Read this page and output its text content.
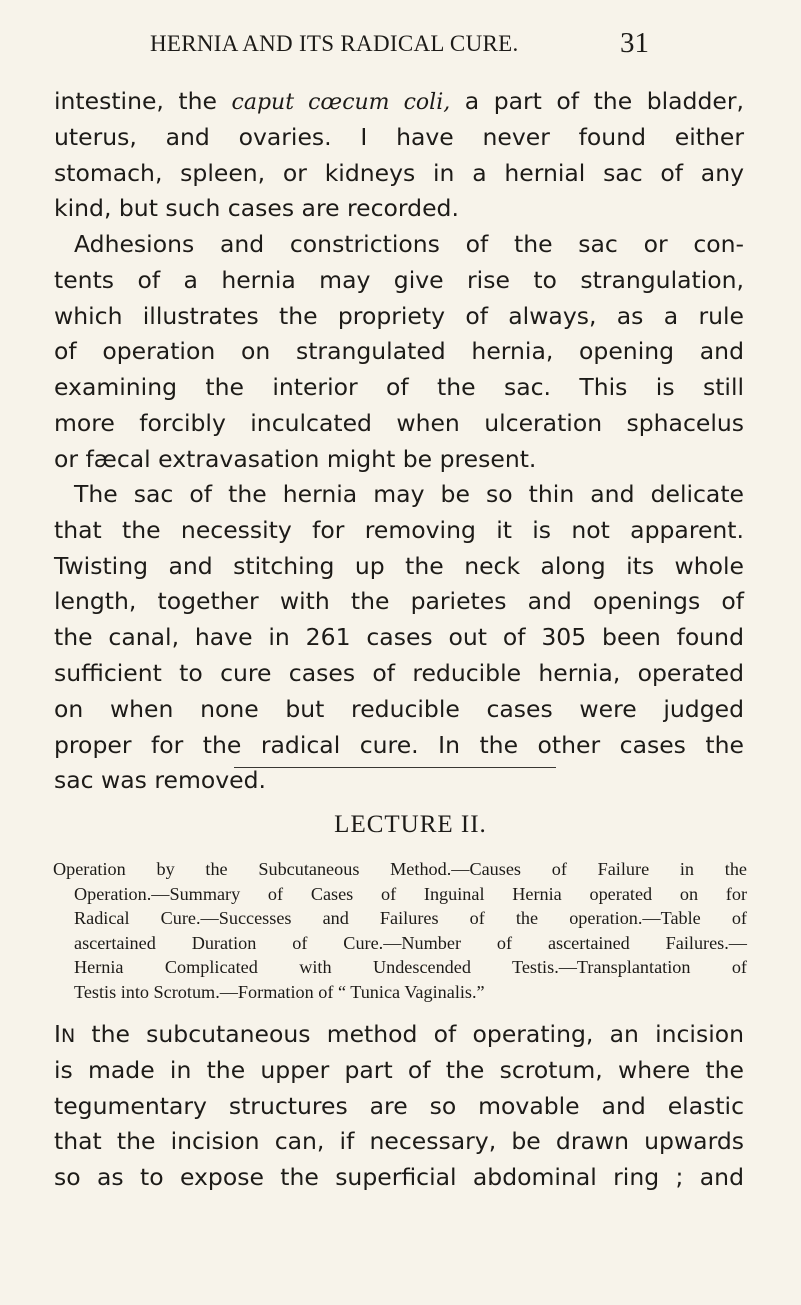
HERNIA AND ITS RADICAL CURE.	31
intestine, the caput cœcum coli, a part of the bladder,
uterus, and ovaries. I have never found either
stomach, spleen, or kidneys in a hernial sac of any
kind, but such cases are recorded.
Adhesions and constrictions of the sac or con-
tents of a hernia may give rise to strangulation,
which illustrates the propriety of always, as a rule
of operation on strangulated hernia, opening and
examining the interior of the sac. This is still
more forcibly inculcated when ulceration sphacelus
or fæcal extravasation might be present.
The sac of the hernia may be so thin and delicate
that the necessity for removing it is not apparent.
Twisting and stitching up the neck along its whole
length, together with the parietes and openings of
the canal, have in 261 cases out of 305 been found
sufficient to cure cases of reducible hernia, operated
on when none but reducible cases were judged
proper for the radical cure. In the other cases the
sac was removed.
LECTURE II.
Operation by the Subcutaneous Method.—Causes of Failure in the
Operation.—Summary of Cases of Inguinal Hernia operated on for
Radical Cure.—Successes and Failures of the operation.—Table of
ascertained Duration of Cure.—Number of ascertained Failures.—
Hernia Complicated with Undescended Testis.—Transplantation of
Testis into Scrotum.—Formation of “ Tunica Vaginalis.”
IN the subcutaneous method of operating, an incision
is made in the upper part of the scrotum, where the
tegumentary structures are so movable and elastic
that the incision can, if necessary, be drawn upwards
so as to expose the superficial abdominal ring ; and
